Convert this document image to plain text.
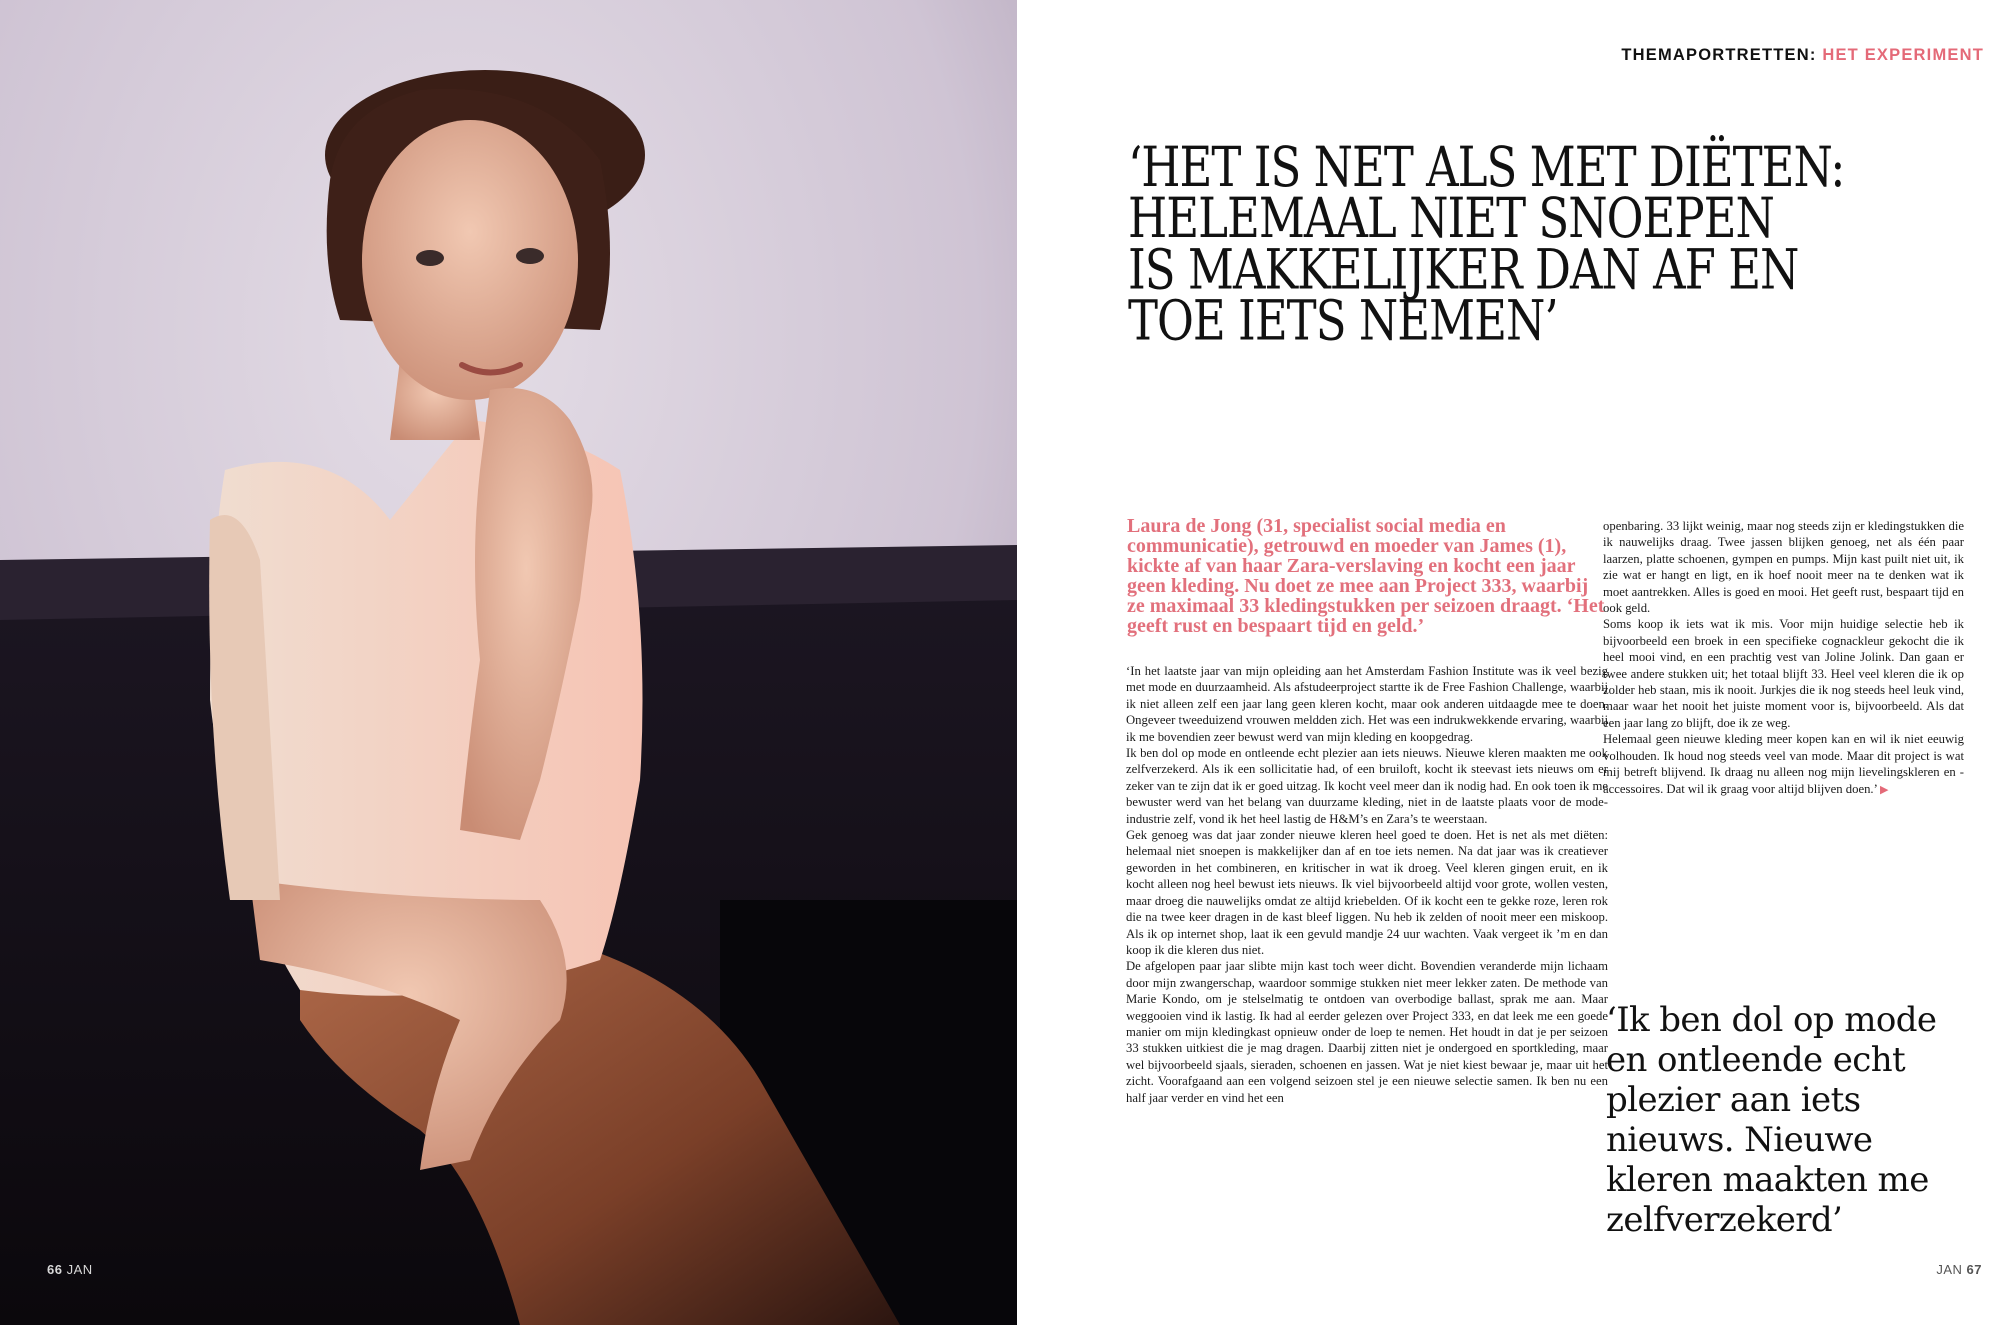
66 JAN
THEMAPORTRETTEN: HET EXPERIMENT
‘HET IS NET ALS MET DIËTEN:
HELEMAAL NIET SNOEPEN
IS MAKKELIJKER DAN AF EN
TOE IETS NEMEN’

Laura de Jong (31, specialist social media en communicatie), getrouwd en moeder van James (1), kickte af van haar Zara-verslaving en kocht een jaar geen kleding. Nu doet ze mee aan Project 333, waarbij ze maximaal 33 kledingstukken per seizoen draagt. ‘Het geeft rust en bespaart tijd en geld.’

‘In het laatste jaar van mijn opleiding aan het Amsterdam Fashion Institute was ik veel bezig met mode en duurzaamheid. Als afstudeerproject startte ik de Free Fashion Challenge, waarbij ik niet alleen zelf een jaar lang geen kleren kocht, maar ook anderen uitdaagde mee te doen. Ongeveer tweeduizend vrouwen meldden zich. Het was een indrukwekkende ervaring, waarbij ik me bovendien zeer bewust werd van mijn kleding en koopgedrag.

Ik ben dol op mode en ontleende echt plezier aan iets nieuws. Nieuwe kleren maakten me ook zelfverzekerd. Als ik een sollicitatie had, of een bruiloft, kocht ik steevast iets nieuws om er zeker van te zijn dat ik er goed uitzag. Ik kocht veel meer dan ik nodig had. En ook toen ik me bewuster werd van het belang van duurzame kleding, niet in de laatste plaats voor de mode-industrie zelf, vond ik het heel lastig de H&M’s en Zara’s te weerstaan.

Gek genoeg was dat jaar zonder nieuwe kleren heel goed te doen. Het is net als met diëten: helemaal niet snoepen is makkelijker dan af en toe iets nemen. Na dat jaar was ik creatiever geworden in het combineren, en kritischer in wat ik droeg. Veel kleren gingen eruit, en ik kocht alleen nog heel bewust iets nieuws. Ik viel bijvoorbeeld altijd voor grote, wollen vesten, maar droeg die nauwelijks omdat ze altijd kriebelden. Of ik kocht een te gekke roze, leren rok die na twee keer dragen in de kast bleef liggen. Nu heb ik zelden of nooit meer een miskoop. Als ik op internet shop, laat ik een gevuld mandje 24 uur wachten. Vaak vergeet ik ’m en dan koop ik die kleren dus niet.

De afgelopen paar jaar slibte mijn kast toch weer dicht. Bovendien veranderde mijn lichaam door mijn zwangerschap, waardoor sommige stukken niet meer lekker zaten. De methode van Marie Kondo, om je stelselmatig te ontdoen van overbodige ballast, sprak me aan. Maar weggooien vind ik lastig. Ik had al eerder gelezen over Project 333, en dat leek me een goede manier om mijn kledingkast opnieuw onder de loep te nemen. Het houdt in dat je per seizoen 33 stukken uitkiest die je mag dragen. Daarbij zitten niet je ondergoed en sportkleding, maar wel bijvoorbeeld sjaals, sieraden, schoenen en jassen. Wat je niet kiest bewaar je, maar uit het zicht. Voorafgaand aan een volgend seizoen stel je een nieuwe selectie samen. Ik ben nu een half jaar verder en vind het een

openbaring. 33 lijkt weinig, maar nog steeds zijn er kledingstukken die ik nauwelijks draag. Twee jassen blijken genoeg, net als één paar laarzen, platte schoenen, gympen en pumps. Mijn kast puilt niet uit, ik zie wat er hangt en ligt, en ik hoef nooit meer na te denken wat ik moet aantrekken. Alles is goed en mooi. Het geeft rust, bespaart tijd en ook geld.

Soms koop ik iets wat ik mis. Voor mijn huidige selectie heb ik bijvoorbeeld een broek in een specifieke cognackleur gekocht die ik heel mooi vind, en een prachtig vest van Joline Jolink. Dan gaan er twee andere stukken uit; het totaal blijft 33. Heel veel kleren die ik op zolder heb staan, mis ik nooit. Jurkjes die ik nog steeds heel leuk vind, maar waar het nooit het juiste moment voor is, bijvoorbeeld. Als dat een jaar lang zo blijft, doe ik ze weg.

Helemaal geen nieuwe kleding meer kopen kan en wil ik niet eeuwig volhouden. Ik houd nog steeds veel van mode. Maar dit project is wat mij betreft blijvend. Ik draag nu alleen nog mijn lievelingskleren en -accessoires. Dat wil ik graag voor altijd blijven doen.’ ▶

‘Ik ben dol op mode en ontleende echt plezier aan iets nieuws. Nieuwe kleren maakten me zelfverzekerd’

JAN 67
